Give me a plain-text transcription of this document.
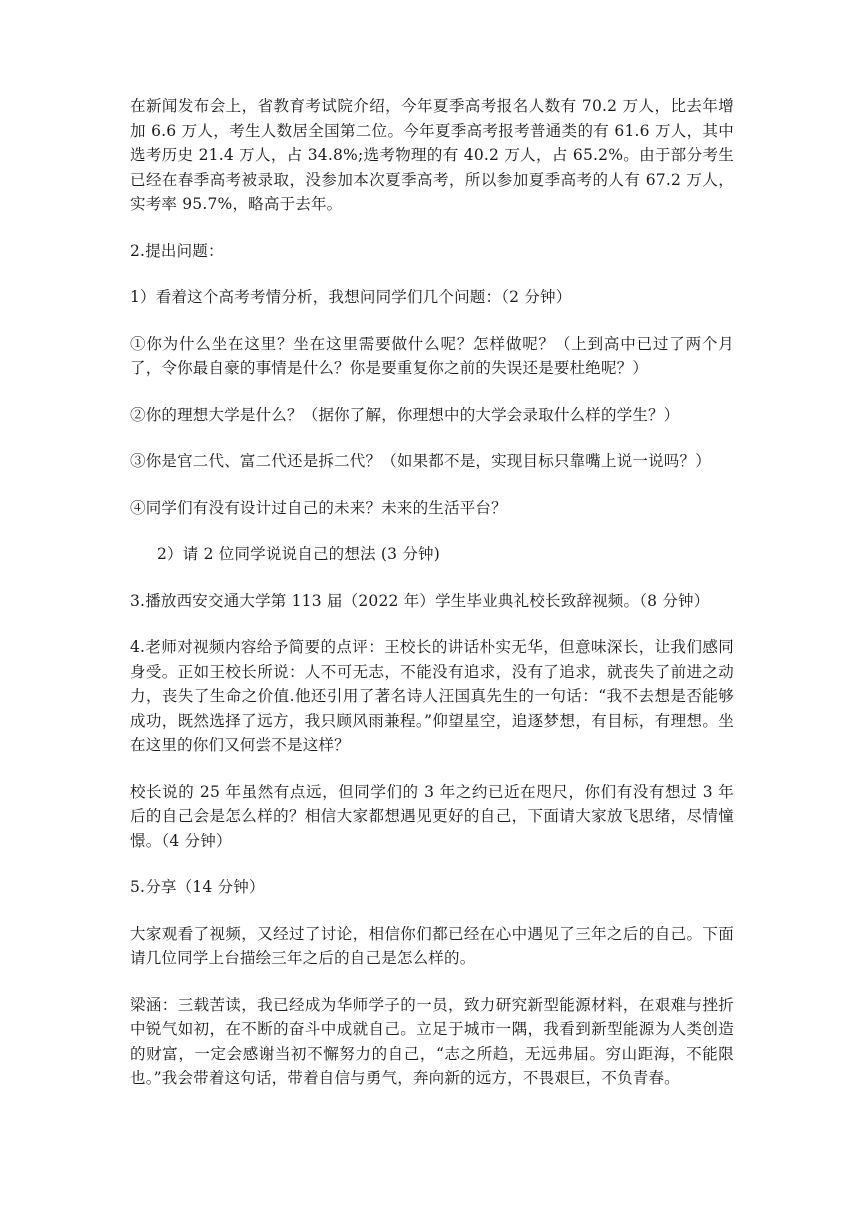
在新闻发布会上，省教育考试院介绍，今年夏季高考报名人数有 70.2 万人，比去年增加 6.6 万人，考生人数居全国第二位。今年夏季高考报考普通类的有 61.6 万人，其中选考历史 21.4 万人，占 34.8%;选考物理的有 40.2 万人，占 65.2%。由于部分考生已经在春季高考被录取，没参加本次夏季高考，所以参加夏季高考的人有 67.2 万人，实考率 95.7%，略高于去年。

2.提出问题：

1）看着这个高考考情分析，我想问同学们几个问题：（2 分钟）

①你为什么坐在这里？坐在这里需要做什么呢？怎样做呢？（上到高中已过了两个月了，令你最自豪的事情是什么？你是要重复你之前的失误还是要杜绝呢？）

②你的理想大学是什么？（据你了解，你理想中的大学会录取什么样的学生？）

③你是官二代、富二代还是拆二代？（如果都不是，实现目标只靠嘴上说一说吗？）

④同学们有没有设计过自己的未来？未来的生活平台？

2）请 2 位同学说说自己的想法 (3 分钟)

3.播放西安交通大学第 113 届（2022 年）学生毕业典礼校长致辞视频。（8 分钟）

4.老师对视频内容给予简要的点评：王校长的讲话朴实无华，但意味深长，让我们感同身受。正如王校长所说：人不可无志，不能没有追求，没有了追求，就丧失了前进之动力，丧失了生命之价值.他还引用了著名诗人汪国真先生的一句话：“我不去想是否能够成功，既然选择了远方，我只顾风雨兼程。”仰望星空，追逐梦想，有目标，有理想。坐在这里的你们又何尝不是这样？

校长说的 25 年虽然有点远，但同学们的 3 年之约已近在咫尺，你们有没有想过 3 年后的自己会是怎么样的？相信大家都想遇见更好的自己，下面请大家放飞思绪，尽情憧憬。（4 分钟）

5.分享（14 分钟）

大家观看了视频，又经过了讨论，相信你们都已经在心中遇见了三年之后的自己。下面请几位同学上台描绘三年之后的自己是怎么样的。

梁涵：三载苦读，我已经成为华师学子的一员，致力研究新型能源材料，在艰难与挫折中锐气如初，在不断的奋斗中成就自己。立足于城市一隅，我看到新型能源为人类创造的财富，一定会感谢当初不懈努力的自己，“志之所趋，无远弗届。穷山距海，不能限也。”我会带着这句话，带着自信与勇气，奔向新的远方，不畏艰巨，不负青春。
